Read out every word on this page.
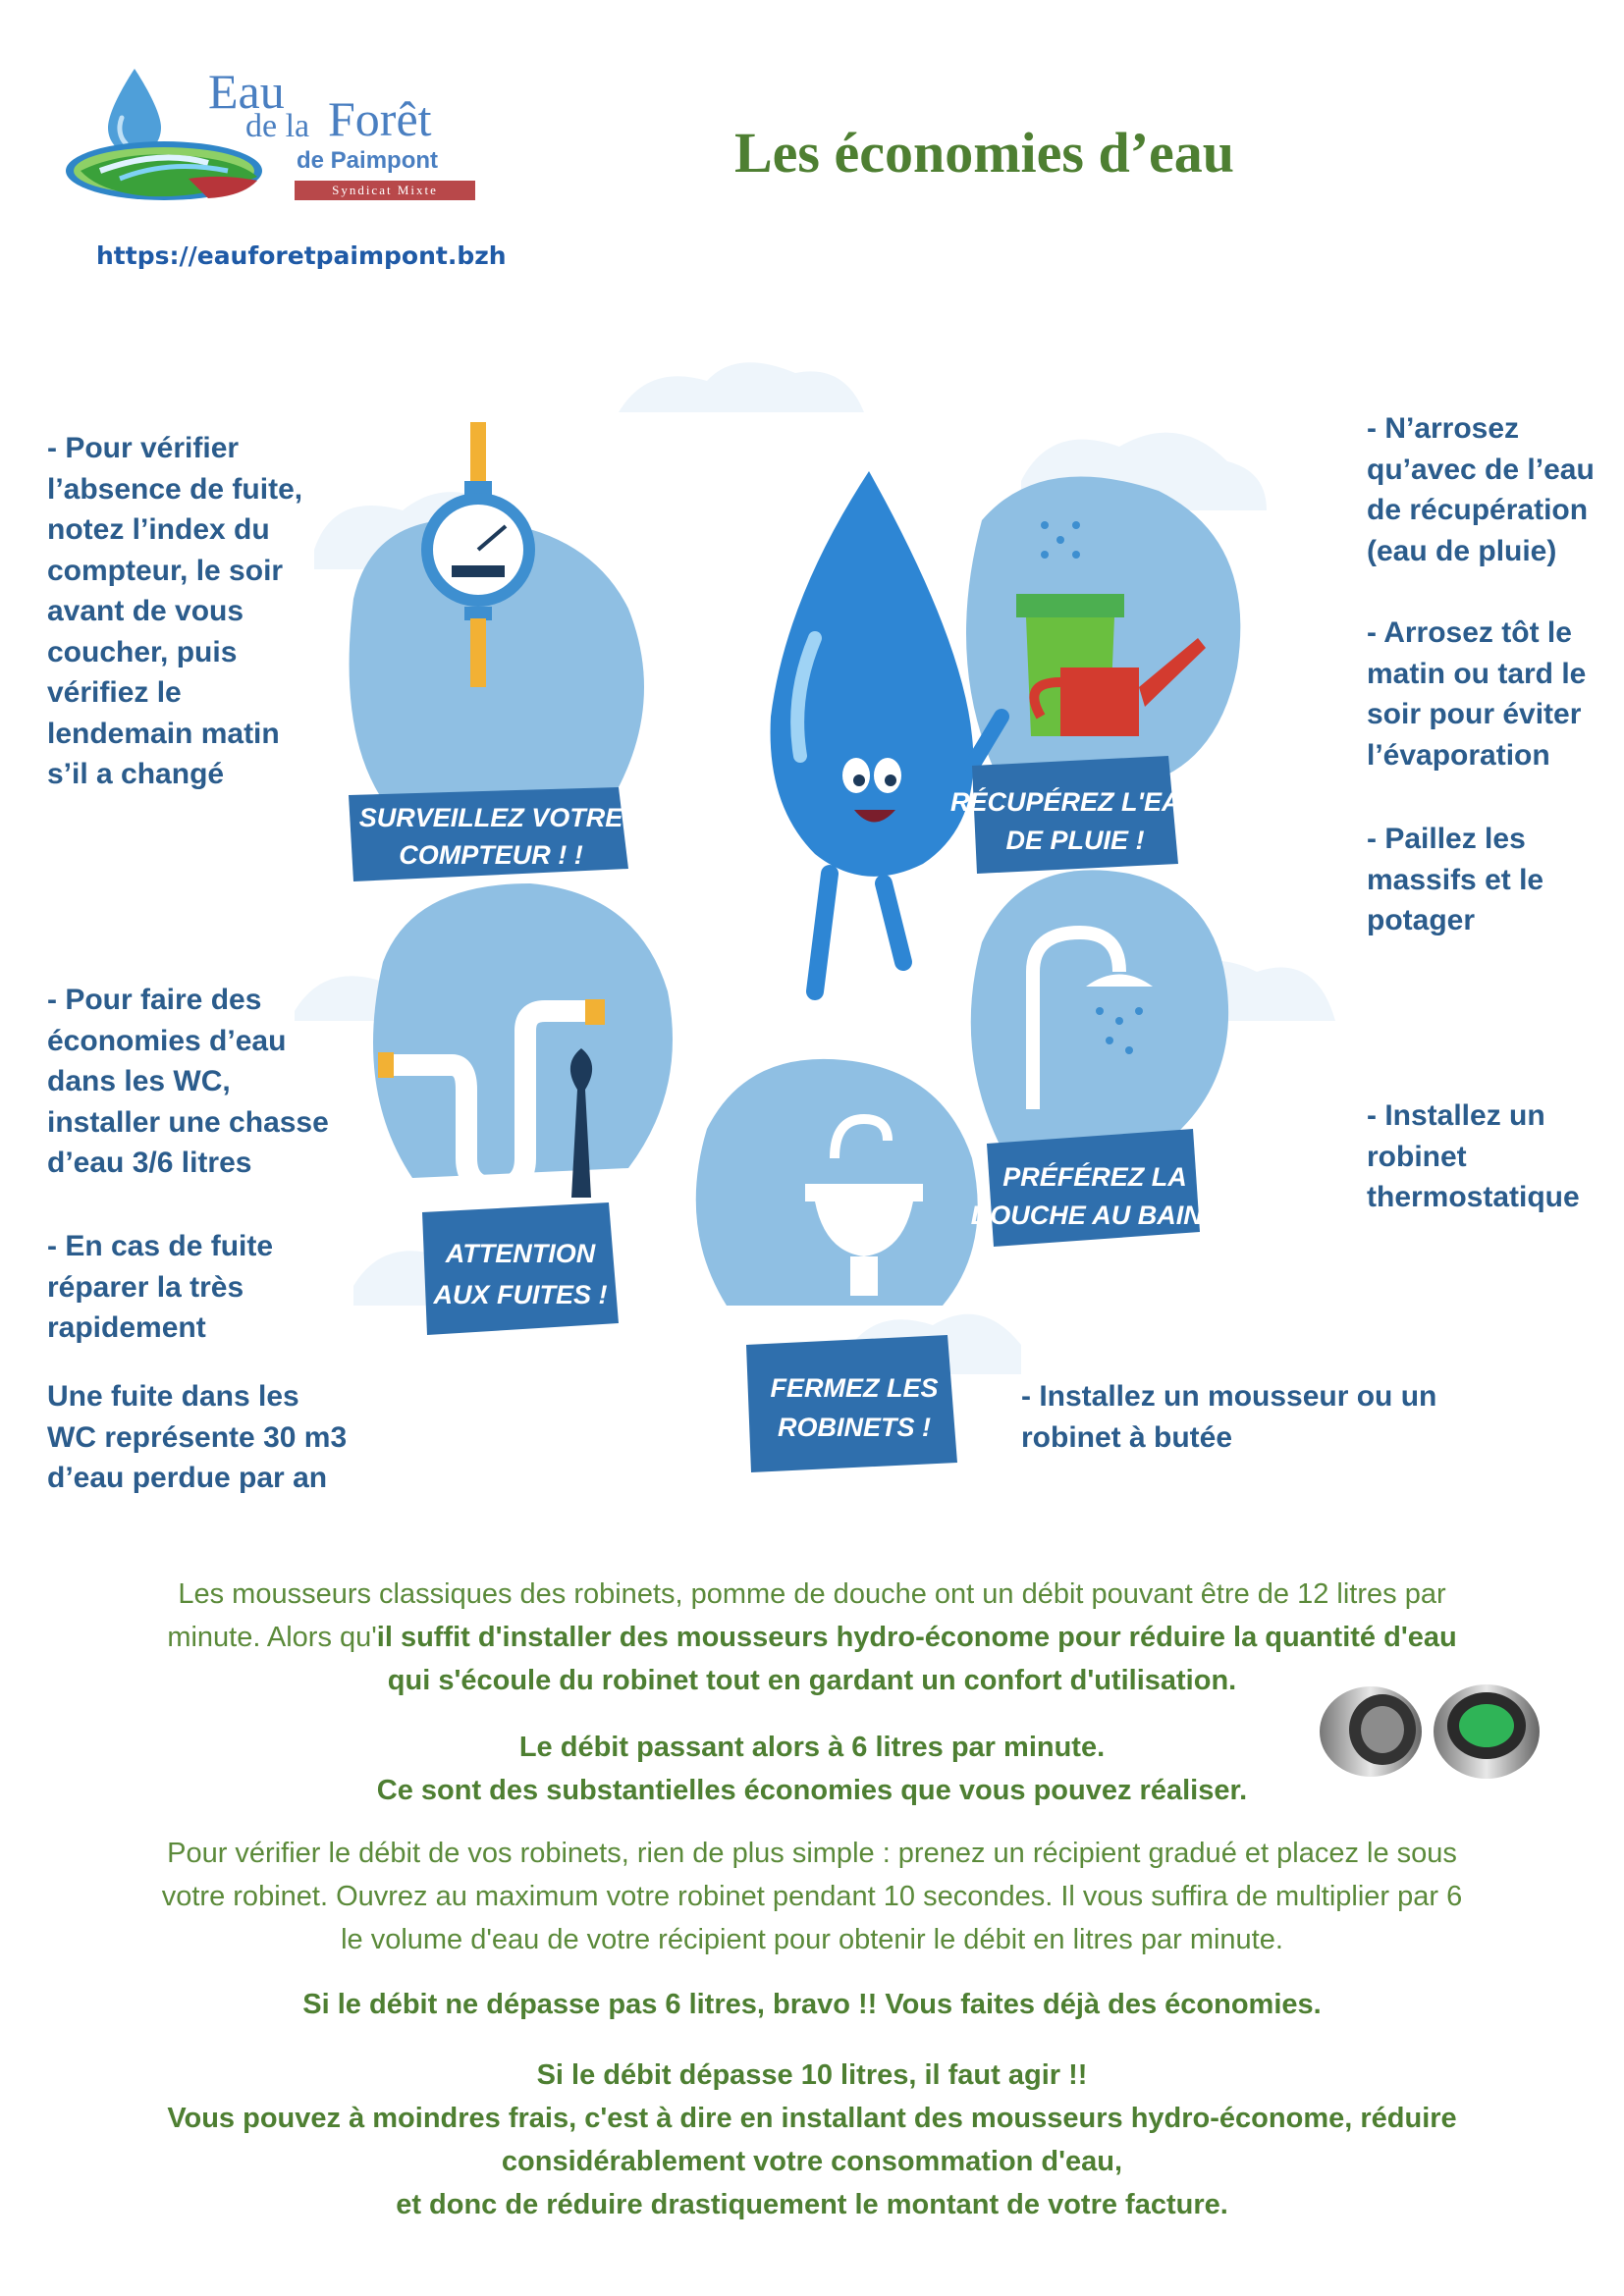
Eau
de la Forêt
de Paimpont
Syndicat Mixte
https://eauforetpaimpont.bzh
Les économies d’eau
SURVEILLEZ VOTRE
COMPTEUR ! !
RÉCUPÉREZ L'EAU
DE PLUIE !
ATTENTION
AUX FUITES !
PRÉFÉREZ LA
DOUCHE AU BAIN !
FERMEZ LES
ROBINETS !

- Pour vérifier

l’absence de fuite,

notez l’index du

compteur, le soir

avant de vous

coucher, puis

vérifiez le

lendemain matin

s’il a changé

- Pour faire des

économies d’eau

dans les WC,

installer une chasse

d’eau 3/6 litres

- En cas de fuite

réparer la très

rapidement

Une fuite dans les

WC représente 30 m3

d’eau perdue par an

- N’arrosez

qu’avec de l’eau

de récupération

(eau de pluie)

- Arrosez tôt le

matin ou tard le

soir pour éviter

l’évaporation

- Paillez les

massifs et le

potager

- Installez un

robinet

thermostatique

- Installez un mousseur ou un

robinet à butée

Les mousseurs classiques des robinets, pomme de douche ont un débit pouvant être de 12 litres par
minute. Alors qu'il suffit d'installer des mousseurs hydro-économe pour réduire la quantité d'eau
qui s'écoule du robinet tout en gardant un confort d'utilisation.
Le débit passant alors à 6 litres par minute.
Ce sont des substantielles économies que vous pouvez réaliser.
Pour vérifier le débit de vos robinets, rien de plus simple : prenez un récipient gradué et placez le sous
votre robinet. Ouvrez au maximum votre robinet pendant 10 secondes. Il vous suffira de multiplier par 6
le volume d'eau de votre récipient pour obtenir le débit en litres par minute.
Si le débit ne dépasse pas 6 litres, bravo !! Vous faites déjà des économies.
Si le débit dépasse 10 litres, il faut agir !!
Vous pouvez à moindres frais, c'est à dire en installant des mousseurs hydro-économe, réduire
considérablement votre consommation d'eau,
et donc de réduire drastiquement le montant de votre facture.
